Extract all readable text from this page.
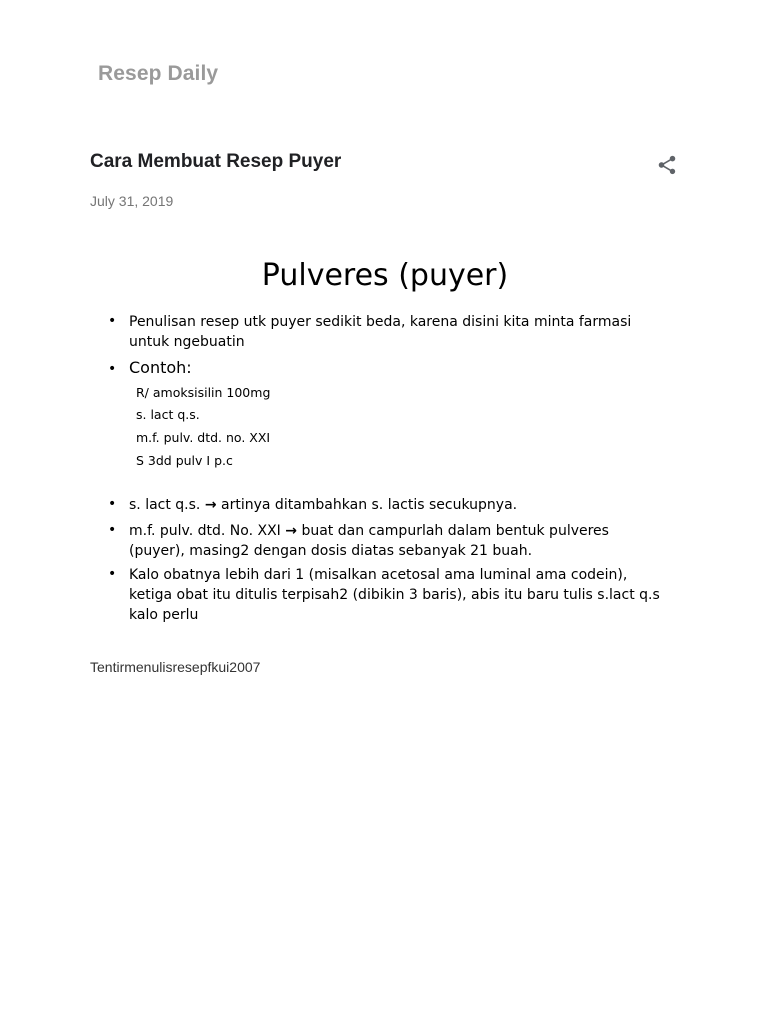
Resep Daily
Cara Membuat Resep Puyer
July 31, 2019
Pulveres (puyer)
• Penulisan resep utk puyer sedikit beda, karena disini kita minta farmasi untuk ngebuatin
• Contoh:
R/ amoksisilin 100mg
s. lact q.s.
m.f. pulv. dtd. no. XXI
S 3dd pulv I p.c
• s. lact q.s. → artinya ditambahkan s. lactis secukupnya.
• m.f. pulv. dtd. No. XXI → buat dan campurlah dalam bentuk pulveres (puyer), masing2 dengan dosis diatas sebanyak 21 buah.
• Kalo obatnya lebih dari 1 (misalkan acetosal ama luminal ama codein), ketiga obat itu ditulis terpisah2 (dibikin 3 baris), abis itu baru tulis s.lact q.s kalo perlu
Tentirmenulisresepfkui2007
